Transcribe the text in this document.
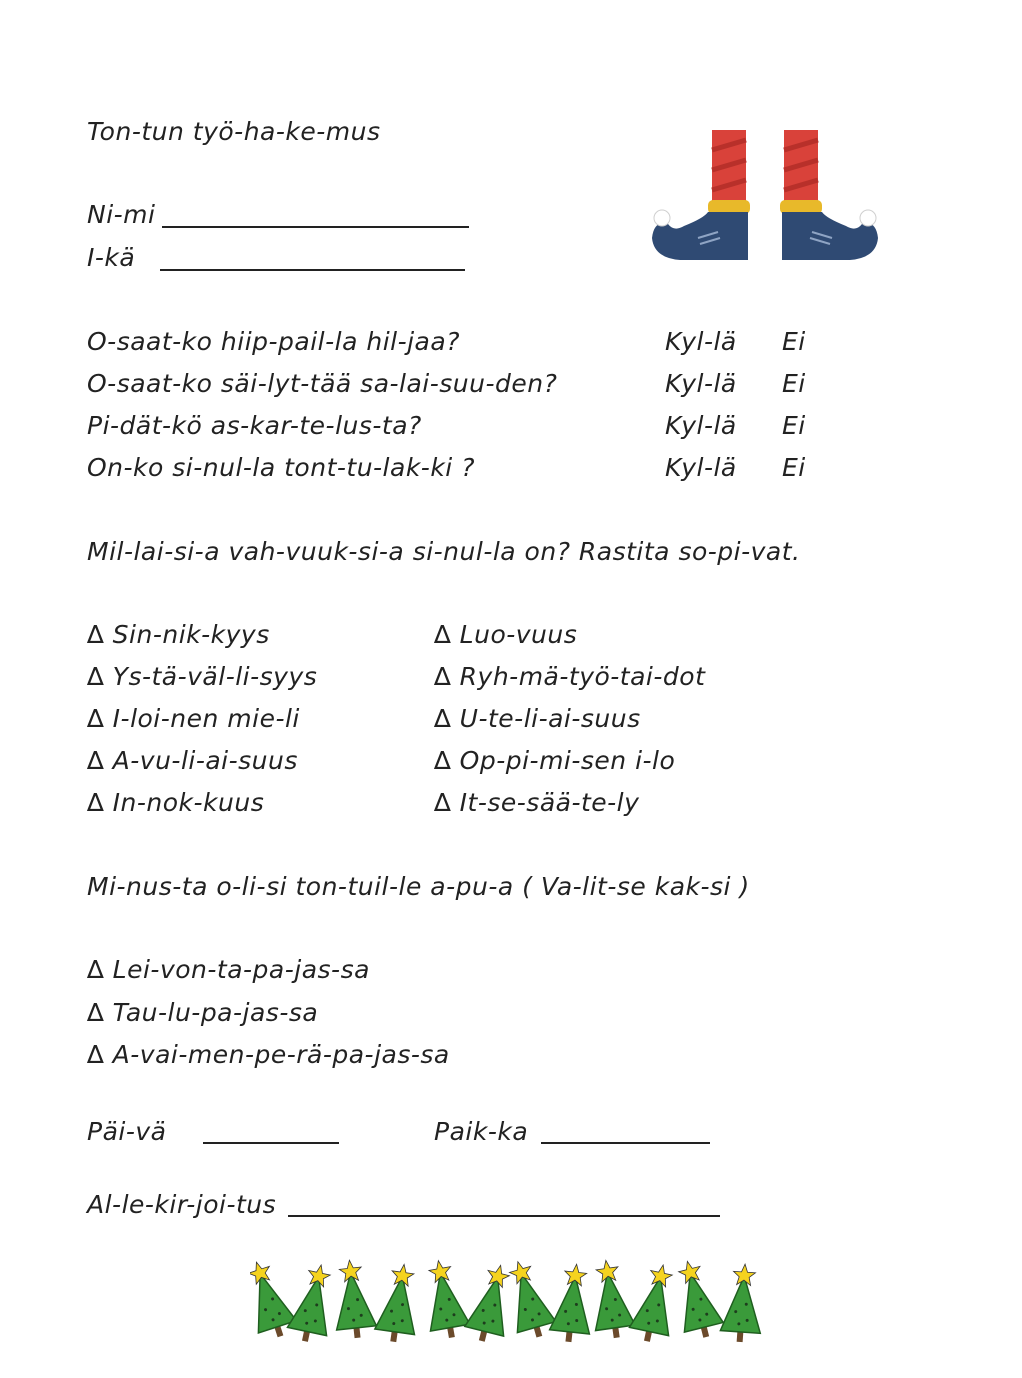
Ton-tun työ-ha-ke-mus
Ni-mi
I-kä
O-saat-ko hiip-pail-la hil-jaa?	Kyl-lä Ei
O-saat-ko säi-lyt-tää sa-lai-suu-den?	Kyl-lä Ei
Pi-dät-kö as-kar-te-lus-ta?	Kyl-lä Ei
On-ko si-nul-la tont-tu-lak-ki ?	Kyl-lä Ei
Mil-lai-si-a vah-vuuk-si-a si-nul-la on? Rastita so-pi-vat.
∆ Sin-nik-kyys
∆ Ys-tä-väl-li-syys
∆ I-loi-nen mie-li
∆ A-vu-li-ai-suus
∆ In-nok-kuus
∆ Luo-vuus
∆ Ryh-mä-työ-tai-dot
∆ U-te-li-ai-suus
∆ Op-pi-mi-sen i-lo
∆ It-se-sää-te-ly
Mi-nus-ta o-li-si ton-tuil-le a-pu-a ( Va-lit-se kak-si )
∆ Lei-von-ta-pa-jas-sa
∆ Tau-lu-pa-jas-sa
∆ A-vai-men-pe-rä-pa-jas-sa
Päi-vä	Paik-ka
Al-le-kir-joi-tus
